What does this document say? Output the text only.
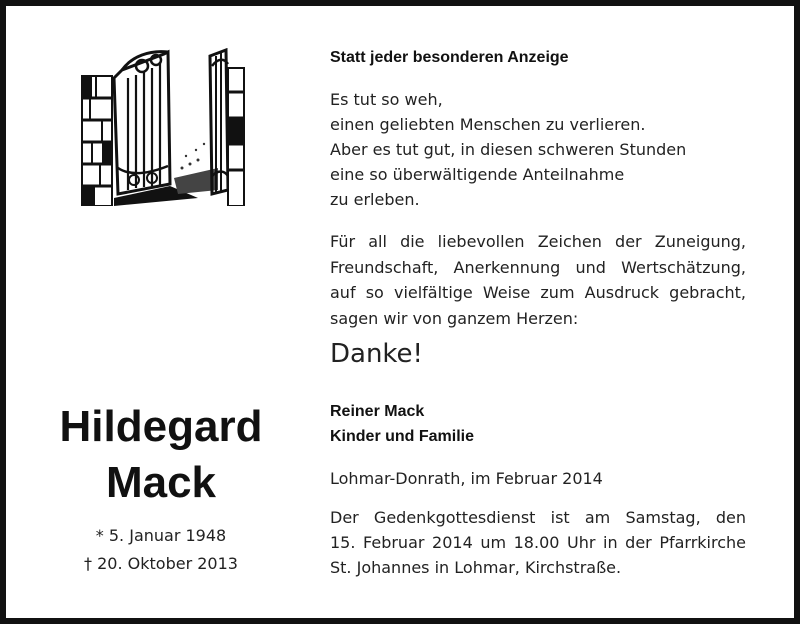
Hildegard
Mack
* 5. Januar 1948
† 20. Oktober 2013
Statt jeder besonderen Anzeige
Es tut so weh,
einen geliebten Menschen zu verlieren.
Aber es tut gut, in diesen schweren Stunden
eine so überwältigende Anteilnahme
zu erleben.
Für all die liebevollen Zeichen der Zuneigung,
Freundschaft, Anerkennung und Wertschätzung,
auf so vielfältige Weise zum Ausdruck gebracht,
sagen wir von ganzem Herzen:
Danke!
Reiner Mack
Kinder und Familie
Lohmar-Donrath, im Februar 2014
Der Gedenkgottesdienst ist am Samstag, den
15. Februar 2014 um 18.00 Uhr in der Pfarrkirche
St. Johannes in Lohmar, Kirchstraße.
